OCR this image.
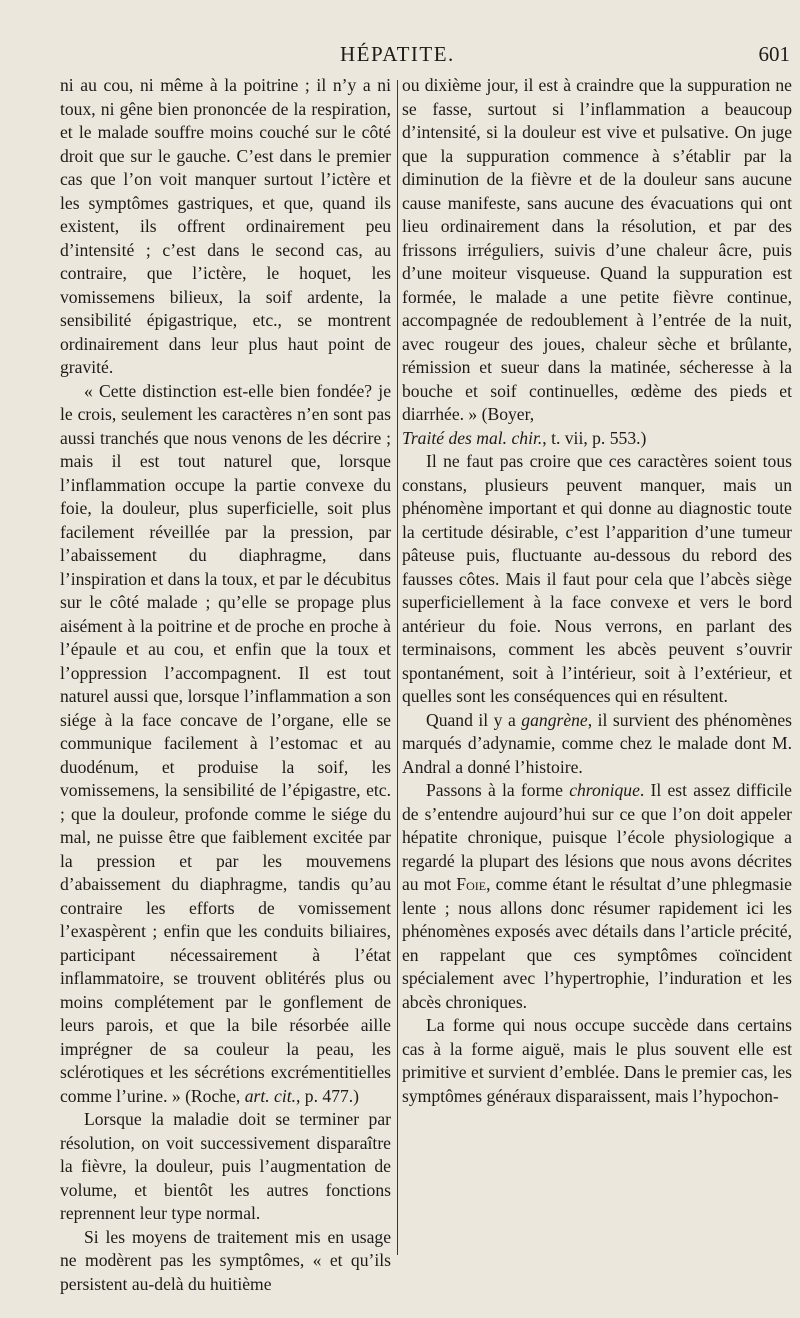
HÉPATITE.	601

ni au cou, ni même à la poitrine ; il n’y a ni toux, ni gêne bien prononcée de la respiration, et le malade souffre moins couché sur le côté droit que sur le gauche. C’est dans le premier cas que l’on voit manquer surtout l’ictère et les symptômes gastriques, et que, quand ils existent, ils offrent ordinairement peu d’intensité ; c’est dans le second cas, au contraire, que l’ictère, le hoquet, les vomissemens bilieux, la soif ardente, la sensibilité épigastrique, etc., se montrent ordinairement dans leur plus haut point de gravité.

« Cette distinction est-elle bien fondée? je le crois, seulement les caractères n’en sont pas aussi tranchés que nous venons de les décrire ; mais il est tout naturel que, lorsque l’inflammation occupe la partie convexe du foie, la douleur, plus superficielle, soit plus facilement réveillée par la pression, par l’abaissement du diaphragme, dans l’inspiration et dans la toux, et par le décubitus sur le côté malade ; qu’elle se propage plus aisément à la poitrine et de proche en proche à l’épaule et au cou, et enfin que la toux et l’oppression l’accompagnent. Il est tout naturel aussi que, lorsque l’inflammation a son siége à la face concave de l’organe, elle se communique facilement à l’estomac et au duodénum, et produise la soif, les vomissemens, la sensibilité de l’épigastre, etc. ; que la douleur, profonde comme le siége du mal, ne puisse être que faiblement excitée par la pression et par les mouvemens d’abaissement du diaphragme, tandis qu’au contraire les efforts de vomissement l’exaspèrent ; enfin que les conduits biliaires, participant nécessairement à l’état inflammatoire, se trouvent oblitérés plus ou moins complétement par le gonflement de leurs parois, et que la bile résorbée aille imprégner de sa couleur la peau, les sclérotiques et les sécrétions excrémentitielles comme l’urine. » (Roche, art. cit., p. 477.)

Lorsque la maladie doit se terminer par résolution, on voit successivement disparaître la fièvre, la douleur, puis l’augmentation de volume, et bientôt les autres fonctions reprennent leur type normal.

Si les moyens de traitement mis en usage ne modèrent pas les symptômes, « et qu’ils persistent au-delà du huitième

ou dixième jour, il est à craindre que la suppuration ne se fasse, surtout si l’inflammation a beaucoup d’intensité, si la douleur est vive et pulsative. On juge que la suppuration commence à s’établir par la diminution de la fièvre et de la douleur sans aucune cause manifeste, sans aucune des évacuations qui ont lieu ordinairement dans la résolution, et par des frissons irréguliers, suivis d’une chaleur âcre, puis d’une moiteur visqueuse. Quand la suppuration est formée, le malade a une petite fièvre continue, accompagnée de redoublement à l’entrée de la nuit, avec rougeur des joues, chaleur sèche et brûlante, rémission et sueur dans la matinée, sécheresse à la bouche et soif continuelles, œdème des pieds et diarrhée. » (Boyer,
Traité des mal. chir., t. vii, p. 553.)

Il ne faut pas croire que ces caractères soient tous constans, plusieurs peuvent manquer, mais un phénomène important et qui donne au diagnostic toute la certitude désirable, c’est l’apparition d’une tumeur pâteuse puis, fluctuante au-dessous du rebord des fausses côtes. Mais il faut pour cela que l’abcès siège superficiellement à la face convexe et vers le bord antérieur du foie. Nous verrons, en parlant des terminaisons, comment les abcès peuvent s’ouvrir spontanément, soit à l’intérieur, soit à l’extérieur, et quelles sont les conséquences qui en résultent.

Quand il y a gangrène, il survient des phénomènes marqués d’adynamie, comme chez le malade dont M. Andral a donné l’histoire.

Passons à la forme chronique. Il est assez difficile de s’entendre aujourd’hui sur ce que l’on doit appeler hépatite chronique, puisque l’école physiologique a regardé la plupart des lésions que nous avons décrites au mot Foie, comme étant le résultat d’une phlegmasie lente ; nous allons donc résumer rapidement ici les phénomènes exposés avec détails dans l’article précité, en rappelant que ces symptômes coïncident spécialement avec l’hypertrophie, l’induration et les abcès chroniques.

La forme qui nous occupe succède dans certains cas à la forme aiguë, mais le plus souvent elle est primitive et survient d’emblée. Dans le premier cas, les symptômes généraux disparaissent, mais l’hypochon-
